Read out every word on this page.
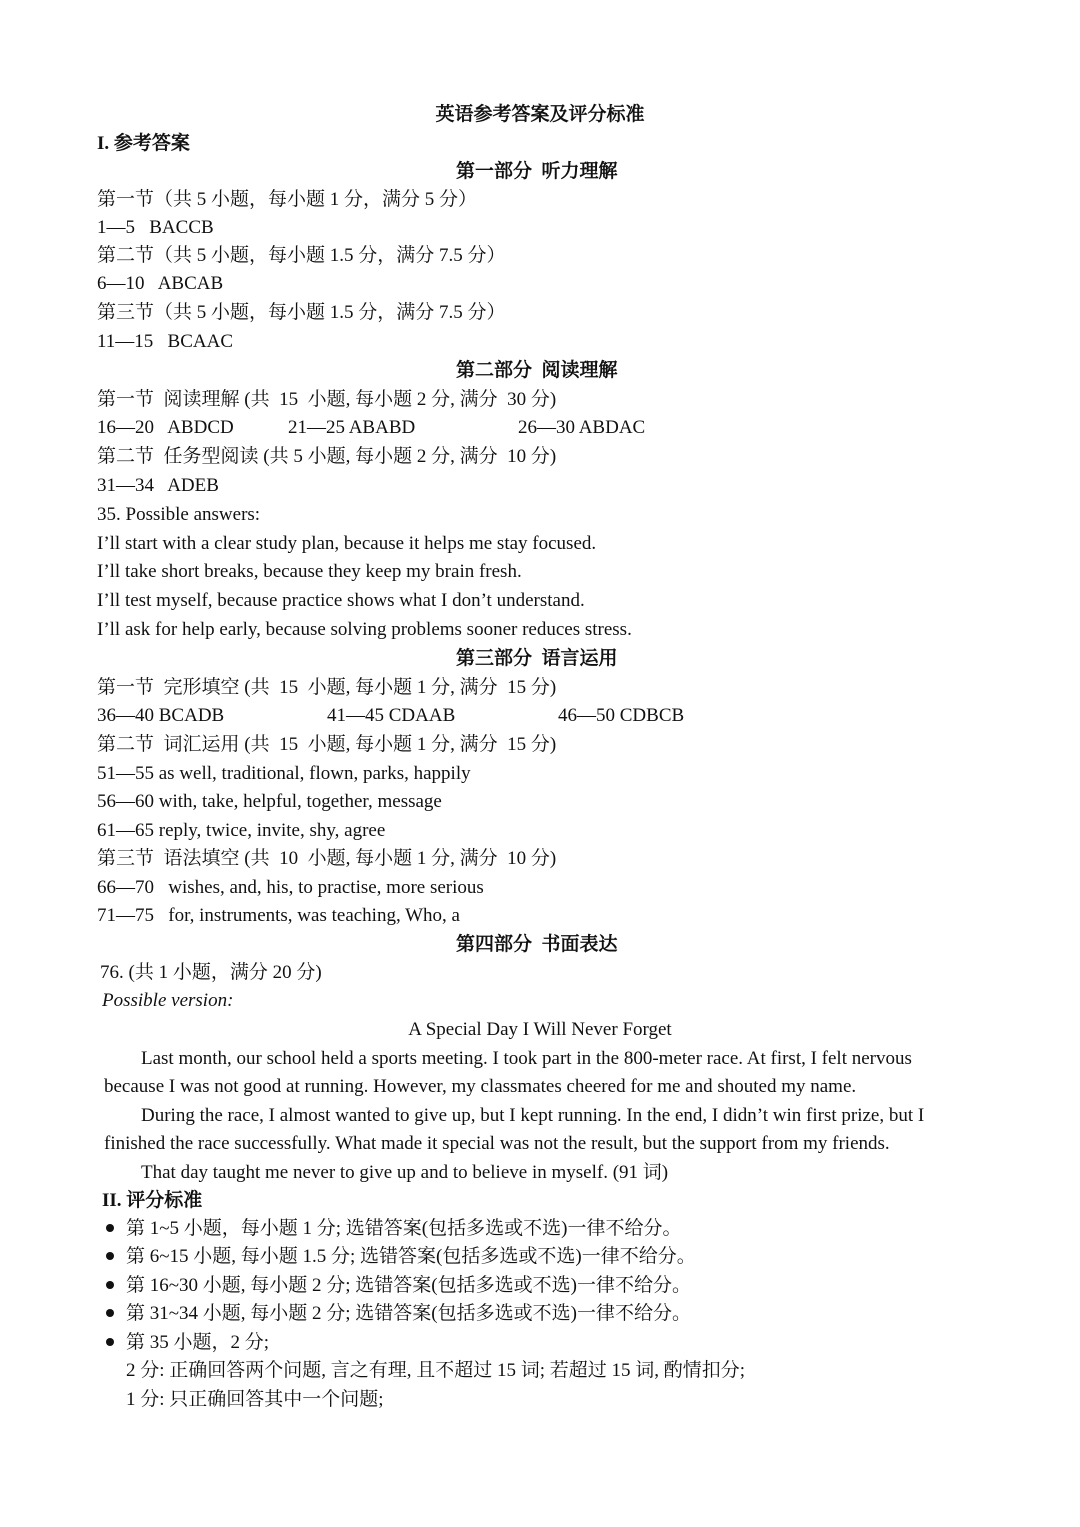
英语参考答案及评分标准
I. 参考答案
第一部分  听力理解
第一节（共 5 小题，每小题 1 分，满分 5 分）
1—5   BACCB
第二节（共 5 小题，每小题 1.5 分，满分 7.5 分）
6—10   ABCAB
第三节（共 5 小题，每小题 1.5 分，满分 7.5 分）
11—15   BCAAC
第二部分  阅读理解
第一节  阅读理解 (共  15  小题, 每小题 2 分, 满分  30 分)
16—20   ABDCD	21—25 ABABD	26—30 ABDAC
第二节  任务型阅读 (共 5 小题, 每小题 2 分, 满分  10 分)
31—34   ADEB
35. Possible answers:
I’ll start with a clear study plan, because it helps me stay focused.
I’ll take short breaks, because they keep my brain fresh.
I’ll test myself, because practice shows what I don’t understand.
I’ll ask for help early, because solving problems sooner reduces stress.
第三部分  语言运用
第一节  完形填空 (共  15  小题, 每小题 1 分, 满分  15 分)
36—40 BCADB	41—45 CDAAB	46—50 CDBCB
第二节  词汇运用 (共  15  小题, 每小题 1 分, 满分  15 分)
51—55 as well, traditional, flown, parks, happily
56—60 with, take, helpful, together, message
61—65 reply, twice, invite, shy, agree
第三节  语法填空 (共  10  小题, 每小题 1 分, 满分  10 分)
66—70   wishes, and, his, to practise, more serious
71—75   for, instruments, was teaching, Who, a
第四部分  书面表达
76. (共 1 小题，满分 20 分)
Possible version:
A Special Day I Will Never Forget
Last month, our school held a sports meeting. I took part in the 800-meter race. At first, I felt nervous
because I was not good at running. However, my classmates cheered for me and shouted my name.
During the race, I almost wanted to give up, but I kept running. In the end, I didn’t win first prize, but I
finished the race successfully. What made it special was not the result, but the support from my friends.
That day taught me never to give up and to believe in myself. (91 词)
II. 评分标准
第 1~5 小题，每小题 1 分; 选错答案(包括多选或不选)一律不给分。
第 6~15 小题, 每小题 1.5 分; 选错答案(包括多选或不选)一律不给分。
第 16~30 小题, 每小题 2 分; 选错答案(包括多选或不选)一律不给分。
第 31~34 小题, 每小题 2 分; 选错答案(包括多选或不选)一律不给分。
第 35 小题，2 分;
2 分: 正确回答两个问题, 言之有理, 且不超过 15 词; 若超过 15 词, 酌情扣分;
1 分: 只正确回答其中一个问题;
